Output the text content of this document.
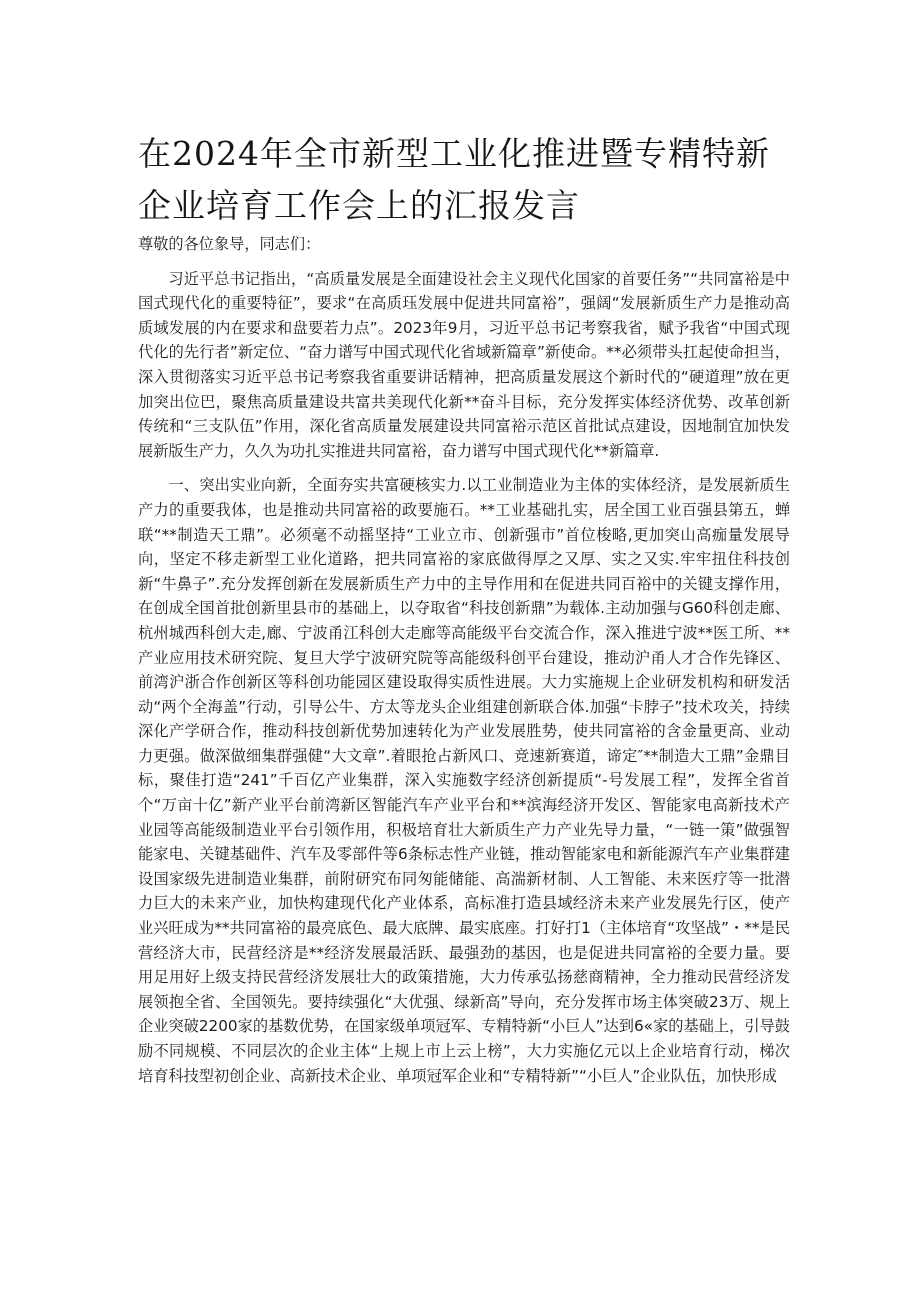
在2024年全市新型工业化推进暨专精特新企业培育工作会上的汇报发言

尊敬的各位象导，同志们：

习近平总书记指出，“高质量发展是全面建设社会主义现代化国家的首要任务”“共同富裕是中国式现代化的重要特征”，要求“在高质珏发展中促进共同富裕”，强阔“发展新质生产力是推动高质域发展的内在要求和盘要若力点”。2023年9月，习近平总书记考察我省，赋予我省“中国式现代化的先行者”新定位、“奋力谱写中国式现代化省域新篇章”新使命。**必须带头扛起使命担当，深入贯彻落实习近平总书记考察我省重要讲话精神，把高质量发展这个新时代的“硬道理”放在更加突出位巴，聚焦高质量建设共富共美现代化新**奋斗目标，充分发挥实体经济优势、改革创新传统和“三支队伍”作用，深化省高质量发展建设共同富裕示范区首批试点建设，因地制宜加快发展新版生产力，久久为功扎实推进共同富裕，奋力谱写中国式现代化**新篇章.

一、突出实业向新，全面夯实共富硬核实力.以工业制造业为主体的实体经济，是发展新质生产力的重要我体，也是推动共同富裕的政要施石。**工业基础扎实，居全国工业百强县第五，蝉联“**制造天工鼎”。必须毫不动摇坚持“工业立市、创新强市”首位梭略,更加突山高痂量发展导向，坚定不移走新型工业化道路，把共同富裕的家底做得厚之又厚、实之又实.牢牢扭住科技创新“牛鼻子”.充分发挥创新在发展新质生产力中的主导作用和在促进共同百裕中的关键支撑作用，在创成全国首批创新里县市的基础上，以夺取省“科技创新鼎”为载体.主动加强与G60科创走廊、杭州城西科创大走,廊、宁波甬江科创大走廊等高能级平台交流合作，深入推进宁波**医工所、**产业应用技术研究院、复旦大学宁波研究院等高能级科创平台建设，推动沪甬人才合作先锋区、前湾沪浙合作创新区等科创功能园区建设取得实质性进展。大力实施规上企业研发机构和研发活动“两个全海盖”行动，引导公牛、方太等龙头企业组建创新联合体.加强“卡脖子”技术攻关，持续深化产学研合作，推动科技创新优势加速转化为产业发展胜势，使共同富裕的含金量更高、业动力更强。做深做细集群强健“大文章”.着眼抢占新风口、竞速新赛道，谛定″**制造大工鼎”金鼎目标，聚佳打造“241”千百亿产业集群，深入实施数字经济创新提质“-号发展工程”，发挥全省首个“万亩十亿”新产业平台前湾新区智能汽车产业平台和**滨海经济开发区、智能家电高新技术产业园等高能级制造业平台引领作用，积极培育壮大新质生产力产业先导力量，“一链一策”做强智能家电、关键基础件、汽车及零部件等6条标志性产业链，推动智能家电和新能源汽车产业集群建设国家级先进制造业集群，前附研究布同匆能储能、高湍新材制、人工智能、未来医疗等一批潜力巨大的未来产业，加快构建现代化产业体系，高标准打造县域经济未来产业发展先行区，使产业兴旺成为**共同富裕的最亮底色、最大底牌、最实底座。打好打1（主体培育“攻坚战”・**是民营经济大市，民营经济是**经济发展最活跃、最强劲的基因，也是促进共同富裕的全要力量。要用足用好上级支持民营经济发展壮大的政策措施，大力传承弘扬慈商精神，全力推动民营经济发展领抱全省、全国领先。要持续强化“大优强、绿新高”导向，充分发挥市场主体突破23万、规上企业突破2200家的基数优势，在国家级单项冠军、专精特新“小巨人”达到6«家的基础上，引导鼓励不同规模、不同层次的企业主体“上规上市上云上榜”，大力实施亿元以上企业培育行动，梯次培育科技型初创企业、高新技术企业、单项冠军企业和“专精特新”“小巨人”企业队伍，加快形成
